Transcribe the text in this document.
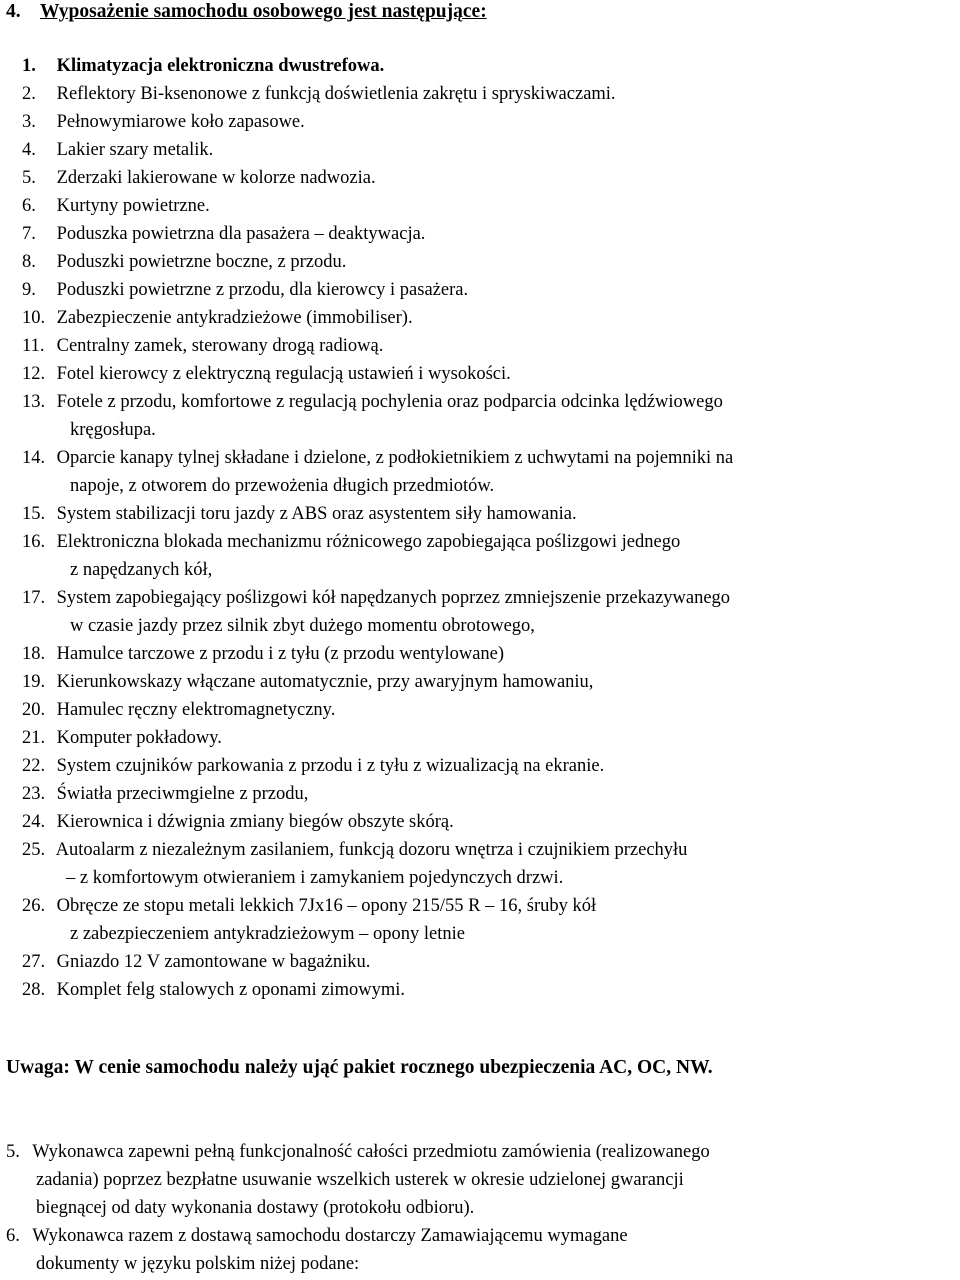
4. Wyposażenie samochodu osobowego jest następujące:
1. Klimatyzacja elektroniczna dwustrefowa.
2. Reflektory Bi-ksenonowe z funkcją doświetlenia zakrętu i spryskiwaczami.
3. Pełnowymiarowe koło zapasowe.
4. Lakier szary metalik.
5. Zderzaki lakierowane w kolorze nadwozia.
6. Kurtyny powietrzne.
7. Poduszka powietrzna dla pasażera – deaktywacja.
8. Poduszki powietrzne boczne, z przodu.
9. Poduszki powietrzne z przodu, dla kierowcy i pasażera.
10. Zabezpieczenie antykradzieżowe (immobiliser).
11. Centralny zamek, sterowany drogą radiową.
12. Fotel kierowcy z elektryczną regulacją ustawień i wysokości.
13. Fotele z przodu, komfortowe z regulacją pochylenia oraz podparcia odcinka lędźwiowego
kręgosłupa.
14. Oparcie kanapy tylnej składane i dzielone, z podłokietnikiem z uchwytami na pojemniki na
napoje, z otworem do przewożenia długich przedmiotów.
15. System stabilizacji toru jazdy z ABS oraz asystentem siły hamowania.
16. Elektroniczna blokada mechanizmu różnicowego zapobiegająca poślizgowi jednego
z napędzanych kół,
17. System zapobiegający poślizgowi kół napędzanych poprzez zmniejszenie przekazywanego
w czasie jazdy przez silnik zbyt dużego momentu obrotowego,
18. Hamulce tarczowe z przodu i z tyłu (z przodu wentylowane)
19. Kierunkowskazy włączane automatycznie, przy awaryjnym hamowaniu,
20. Hamulec ręczny elektromagnetyczny.
21. Komputer pokładowy.
22. System czujników parkowania z przodu i z tyłu z wizualizacją na ekranie.
23. Światła przeciwmgielne z przodu,
24. Kierownica i dźwignia zmiany biegów obszyte skórą.
25. Autoalarm z niezależnym zasilaniem, funkcją dozoru wnętrza i czujnikiem przechyłu
– z komfortowym otwieraniem i zamykaniem pojedynczych drzwi.
26. Obręcze ze stopu metali lekkich 7Jx16 – opony 215/55 R – 16, śruby kół
z zabezpieczeniem antykradzieżowym – opony letnie
27. Gniazdo 12 V zamontowane w bagażniku.
28. Komplet felg stalowych z oponami zimowymi.

Uwaga: W cenie samochodu należy ująć pakiet rocznego ubezpieczenia AC, OC, NW.

5. Wykonawca zapewni pełną funkcjonalność całości przedmiotu zamówienia (realizowanego
zadania) poprzez bezpłatne usuwanie wszelkich usterek w okresie udzielonej gwarancji
biegnącej od daty wykonania dostawy (protokołu odbioru).

6. Wykonawca razem z dostawą samochodu dostarczy Zamawiającemu wymagane
dokumenty w języku polskim niżej podane:
